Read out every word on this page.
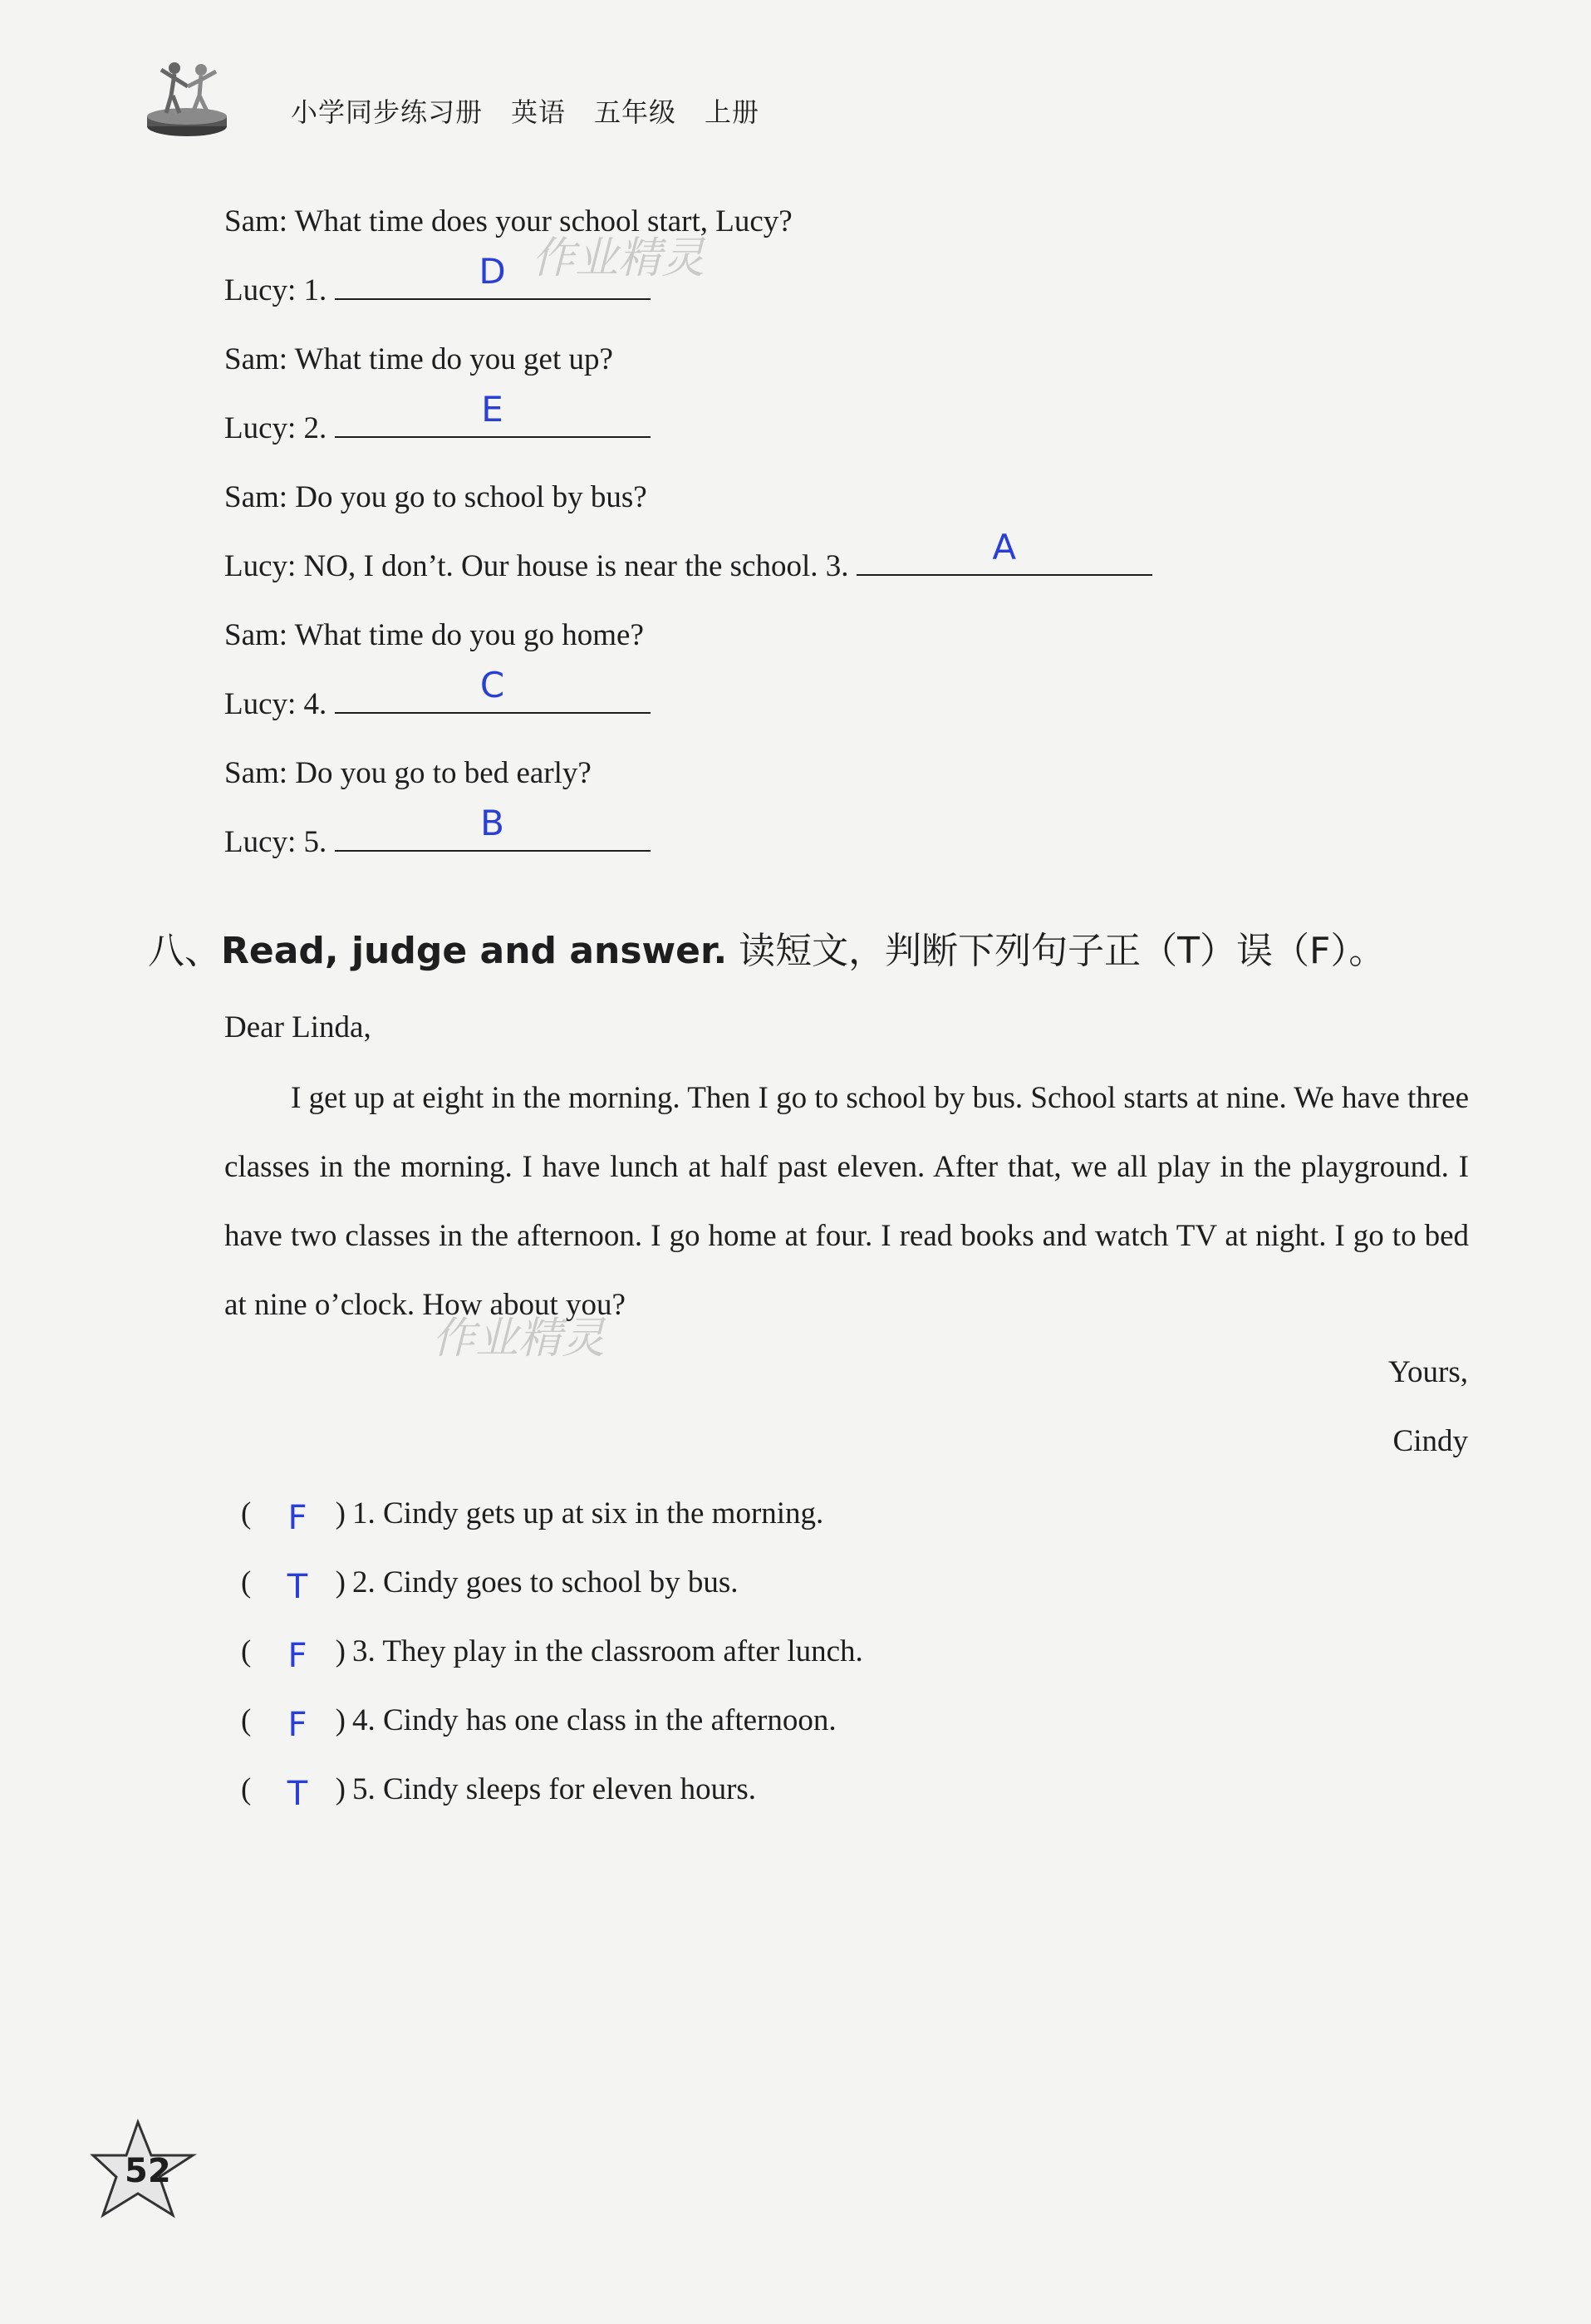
小学同步练习册 英语 五年级 上册
Sam: What time does your school start, Lucy?
Lucy: 1.	D
Sam: What time do you get up?
Lucy: 2.	E
Sam: Do you go to school by bus?
Lucy: NO, I don’t. Our house is near the school. 3.	A
Sam: What time do you go home?
Lucy: 4.	C
Sam: Do you go to bed early?
Lucy: 5.	B
八、Read, judge and answer. 读短文，判断下列句子正（T）误（F）。
Dear Linda,
I get up at eight in the morning. Then I go to school by bus. School starts at nine. We have three classes in the morning. I have lunch at half past eleven. After that, we all play in the playground. I have two classes in the afternoon. I go home at four. I read books and watch TV at night. I go to bed at nine o’clock. How about you?
Yours,
Cindy
(	F ) 1. Cindy gets up at six in the morning.
(	T ) 2. Cindy goes to school by bus.
(	F ) 3. They play in the classroom after lunch.
(	F ) 4. Cindy has one class in the afternoon.
(	T ) 5. Cindy sleeps for eleven hours.
作业精灵
作业精灵
52
